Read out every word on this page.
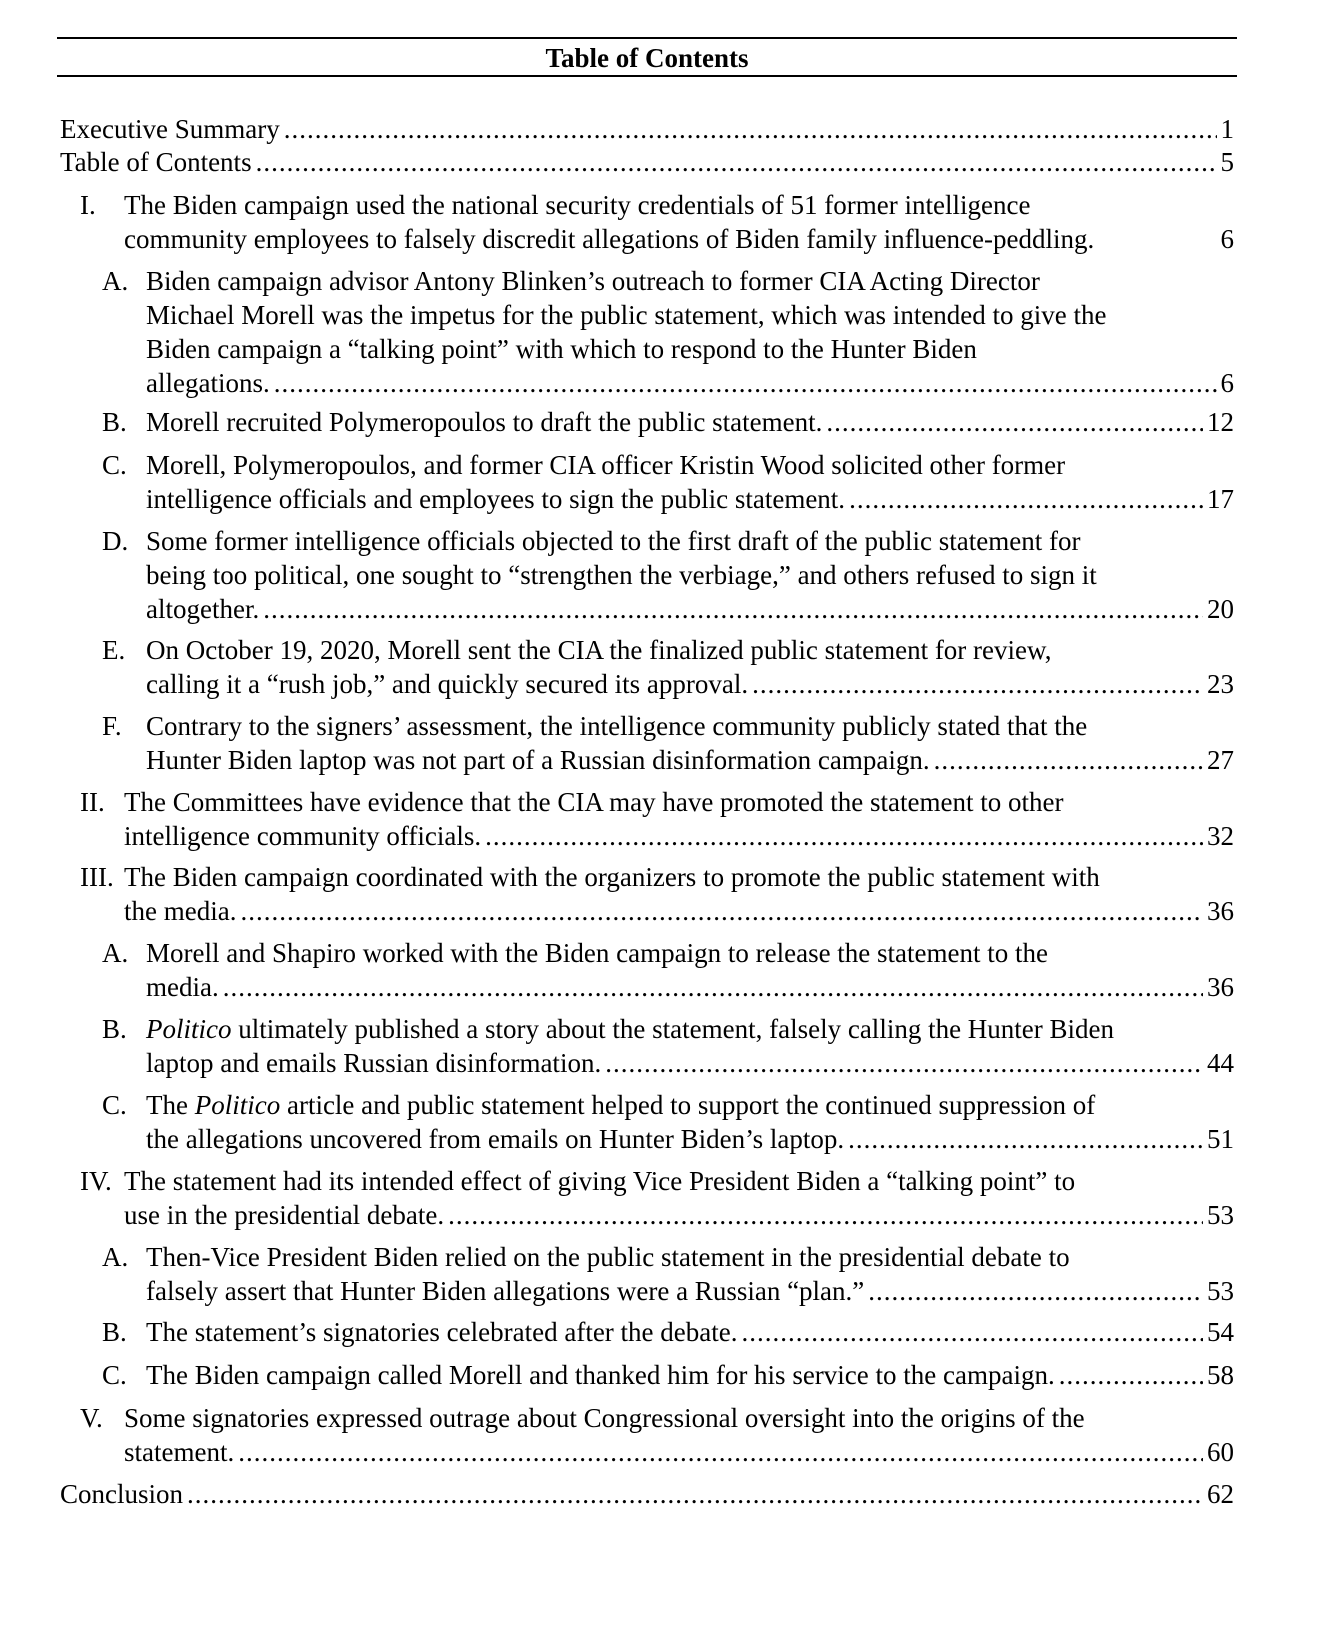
Table of Contents
Executive Summary .....	1
Table of Contents .....	5
I. The Biden campaign used the national security credentials of 51 former intelligence
community employees to falsely discredit allegations of Biden family influence-peddling.	6
A. Biden campaign advisor Antony Blinken’s outreach to former CIA Acting Director
Michael Morell was the impetus for the public statement, which was intended to give the
Biden campaign a “talking point” with which to respond to the Hunter Biden
allegations. .....	6
B. Morell recruited Polymeropoulos to draft the public statement. .....	12
C. Morell, Polymeropoulos, and former CIA officer Kristin Wood solicited other former
intelligence officials and employees to sign the public statement. .....	17
D. Some former intelligence officials objected to the first draft of the public statement for
being too political, one sought to “strengthen the verbiage,” and others refused to sign it
altogether. .....	20
E. On October 19, 2020, Morell sent the CIA the finalized public statement for review,
calling it a “rush job,” and quickly secured its approval. .....	23
F. Contrary to the signers’ assessment, the intelligence community publicly stated that the
Hunter Biden laptop was not part of a Russian disinformation campaign. .....	27
II. The Committees have evidence that the CIA may have promoted the statement to other
intelligence community officials. .....	32
III. The Biden campaign coordinated with the organizers to promote the public statement with
the media. .....	36
A. Morell and Shapiro worked with the Biden campaign to release the statement to the
media. .....	36
B. Politico ultimately published a story about the statement, falsely calling the Hunter Biden
laptop and emails Russian disinformation. .....	44
C. The Politico article and public statement helped to support the continued suppression of
the allegations uncovered from emails on Hunter Biden’s laptop. .....	51
IV. The statement had its intended effect of giving Vice President Biden a “talking point” to
use in the presidential debate. .....	53
A. Then-Vice President Biden relied on the public statement in the presidential debate to
falsely assert that Hunter Biden allegations were a Russian “plan.” .....	53
B. The statement’s signatories celebrated after the debate. .....	54
C. The Biden campaign called Morell and thanked him for his service to the campaign. .....	58
V. Some signatories expressed outrage about Congressional oversight into the origins of the
statement. .....	60
Conclusion .....	62
